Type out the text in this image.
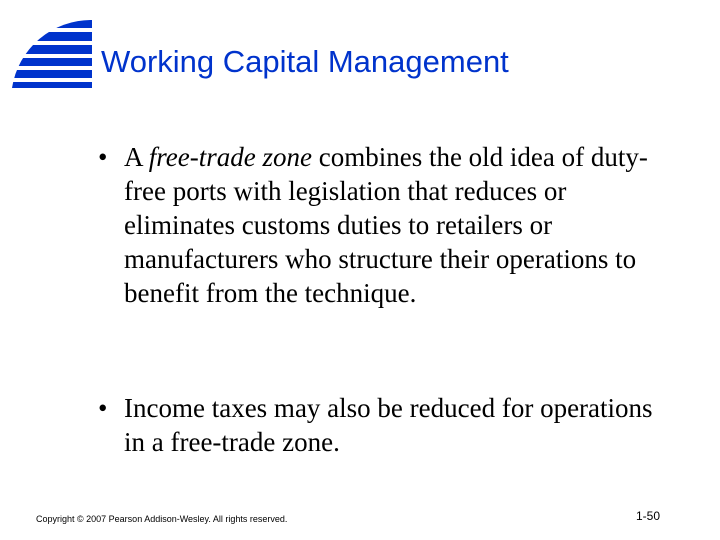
Working Capital Management
• A free-trade zone combines the old idea of duty-free ports with legislation that reduces or eliminates customs duties to retailers or manufacturers who structure their operations to benefit from the technique.
• Income taxes may also be reduced for operations in a free-trade zone.
Copyright © 2007 Pearson Addison-Wesley. All rights reserved.	1-50
